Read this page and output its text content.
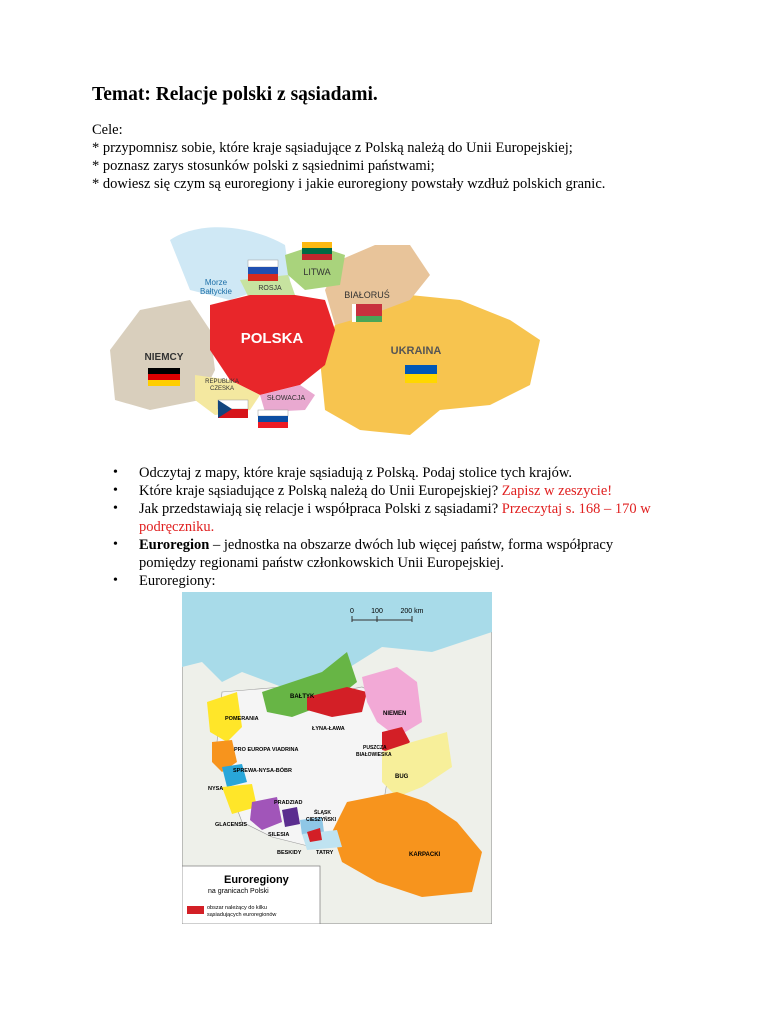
Temat: Relacje polski z sąsiadami.
Cele:
* przypomnisz sobie, które kraje sąsiadujące z Polską należą do Unii Europejskiej;
* poznasz zarys stosunków polski z sąsiednimi państwami;
* dowiesz się czym są euroregiony i jakie euroregiony powstały wzdłuż polskich granic.
Morze
Bałtyckie	ROSJA
LITWA
BIAŁORUŚ
POLSKA
NIEMCY
UKRAINA
REPUBLIKA
CZESKA
SŁOWACJA
• Odczytaj z mapy, które kraje sąsiadują z Polską. Podaj stolice tych krajów.
• Które kraje sąsiadujące z Polską należą do Unii Europejskiej? Zapisz w zeszycie!
• Jak przedstawiają się relacje i współpraca Polski z sąsiadami? Przeczytaj s. 168 – 170 w podręczniku.
• Euroregion – jednostka na obszarze dwóch lub więcej państw, forma współpracy pomiędzy regionami państw członkowskich Unii Europejskiej.
• Euroregiony:
0 100	200 km
BAŁTYK
NIEMEN
ŁYNA-ŁAWA
POMERANIA
PRO EUROPA VIADRINA	PUSZCZA
BIAŁOWIESKA
SPREWA-NYSA-BÓBR
BUG
NYSA
PRADZIAD
ŚLĄSK
CIESZYŃSKI
GLACENSIS
SILESIA
BESKIDY	TATRY	KARPACKI
Euroregiony
na granicach Polski
obszar należący do kilku
sąsiadujących euroregionów
